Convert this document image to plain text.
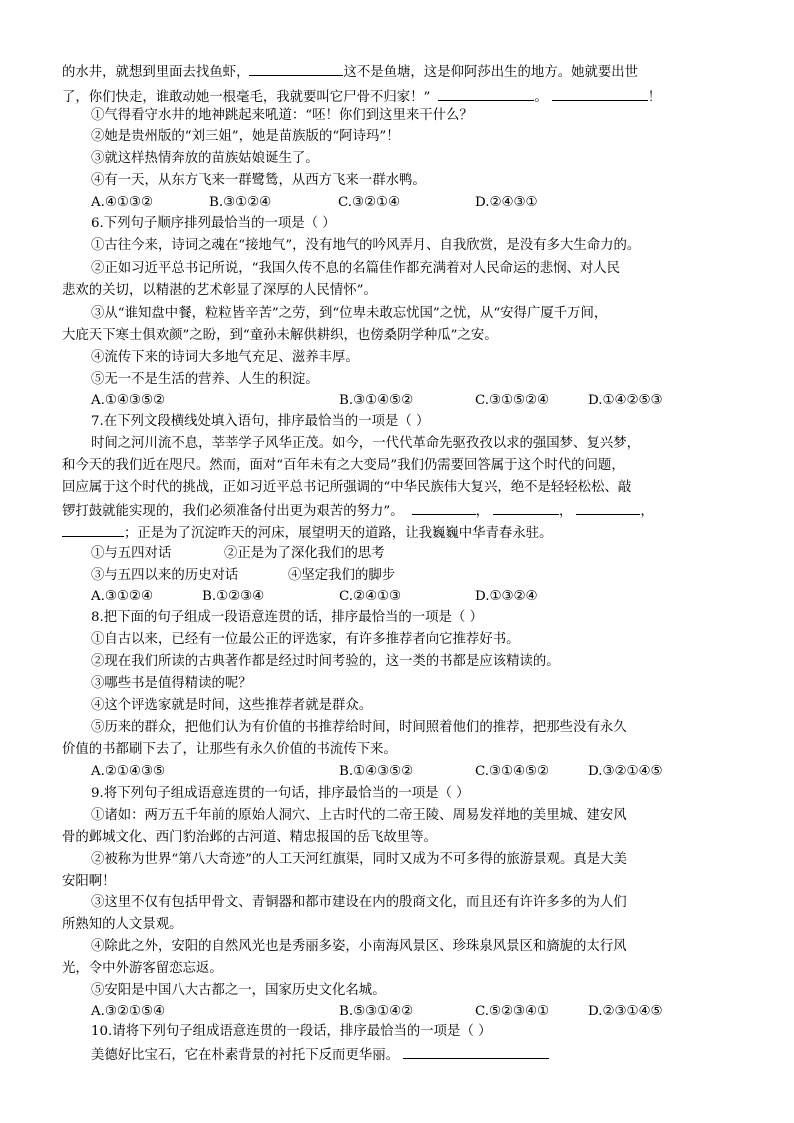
的水井，就想到里面去找鱼虾，	这不是鱼塘，这是仰阿莎出生的地方。她就要出世
了，你们快走，谁敢动她一根毫毛，我就要叫它尸骨不归家！”	。	！
①气得看守水井的地神跳起来吼道：“呸！你们到这里来干什么？
②她是贵州版的“刘三姐”，她是苗族版的“阿诗玛”！
③就这样热情奔放的苗族姑娘诞生了。
④有一天，从东方飞来一群鹭鸶，从西方飞来一群水鸭。
A.④①③②	B.③①②④	C.③②①④	D.②④③①
6.下列句子顺序排列最恰当的一项是（ ）
①古往今来，诗词之魂在“接地气”，没有地气的吟风弄月、自我欣赏，是没有多大生命力的。
②正如习近平总书记所说，“我国久传不息的名篇佳作都充满着对人民命运的悲悯、对人民
悲欢的关切，以精湛的艺术彰显了深厚的人民情怀”。
③从“谁知盘中餐，粒粒皆辛苦”之劳，到“位卑未敢忘忧国”之忧，从“安得广厦千万间，
大庇天下寒士俱欢颜”之盼，到“童孙未解供耕织，也傍桑阴学种瓜”之安。
④流传下来的诗词大多地气充足、滋养丰厚。
⑤无一不是生活的营养、人生的积淀。
A.①④③⑤②	B.③①④⑤②	C.③①⑤②④	D.①④②⑤③
7.在下列文段横线处填入语句，排序最恰当的一项是（ ）
时间之河川流不息，莘莘学子风华正茂。如今，一代代革命先驱孜孜以求的强国梦、复兴梦，
和今天的我们近在咫尺。然而，面对“百年未有之大变局”我们仍需要回答属于这个时代的问题，
回应属于这个时代的挑战，正如习近平总书记所强调的“中华民族伟大复兴，绝不是轻轻松松、敲
锣打鼓就能实现的，我们必须准备付出更为艰苦的努力”。	，	，	，
；正是为了沉淀昨天的河床，展望明天的道路，让我巍巍中华青春永驻。
①与五四对话	②正是为了深化我们的思考
③与五四以来的历史对话	④坚定我们的脚步
A.③①②④	B.①②③④	C.②④①③	D.①③②④
8.把下面的句子组成一段语意连贯的话，排序最恰当的一项是（ ）
①自古以来，已经有一位最公正的评选家，有许多推荐者向它推荐好书。
②现在我们所读的古典著作都是经过时间考验的，这一类的书都是应该精读的。
③哪些书是值得精读的呢？
④这个评选家就是时间，这些推荐者就是群众。
⑤历来的群众，把他们认为有价值的书推荐给时间，时间照着他们的推荐，把那些没有永久
价值的书都刷下去了，让那些有永久价值的书流传下来。
A.②①④③⑤	B.①④③⑤②	C.③①④⑤②	D.③②①④⑤
9.将下列句子组成语意连贯的一句话，排序最恰当的一项是（ ）
①诸如：两万五千年前的原始人洞穴、上古时代的二帝王陵、周易发祥地的美里城、建安风
骨的邺城文化、西门豹治邺的古河道、精忠报国的岳飞故里等。
②被称为世界“第八大奇迹”的人工天河红旗渠，同时又成为不可多得的旅游景观。真是大美
安阳啊！
③这里不仅有包括甲骨文、青铜器和都市建设在内的殷商文化，而且还有许许多多的为人们
所熟知的人文景观。
④除此之外，安阳的自然风光也是秀丽多姿，小南海风景区、珍珠泉风景区和旖旎的太行风
光，令中外游客留恋忘返。
⑤安阳是中国八大古都之一，国家历史文化名城。
A.③②①⑤④	B.⑤③①④②	C.⑤②③④①	D.②③①④⑤
10.请将下列句子组成语意连贯的一段话，排序最恰当的一项是（ ）
美德好比宝石，它在朴素背景的衬托下反而更华丽。
